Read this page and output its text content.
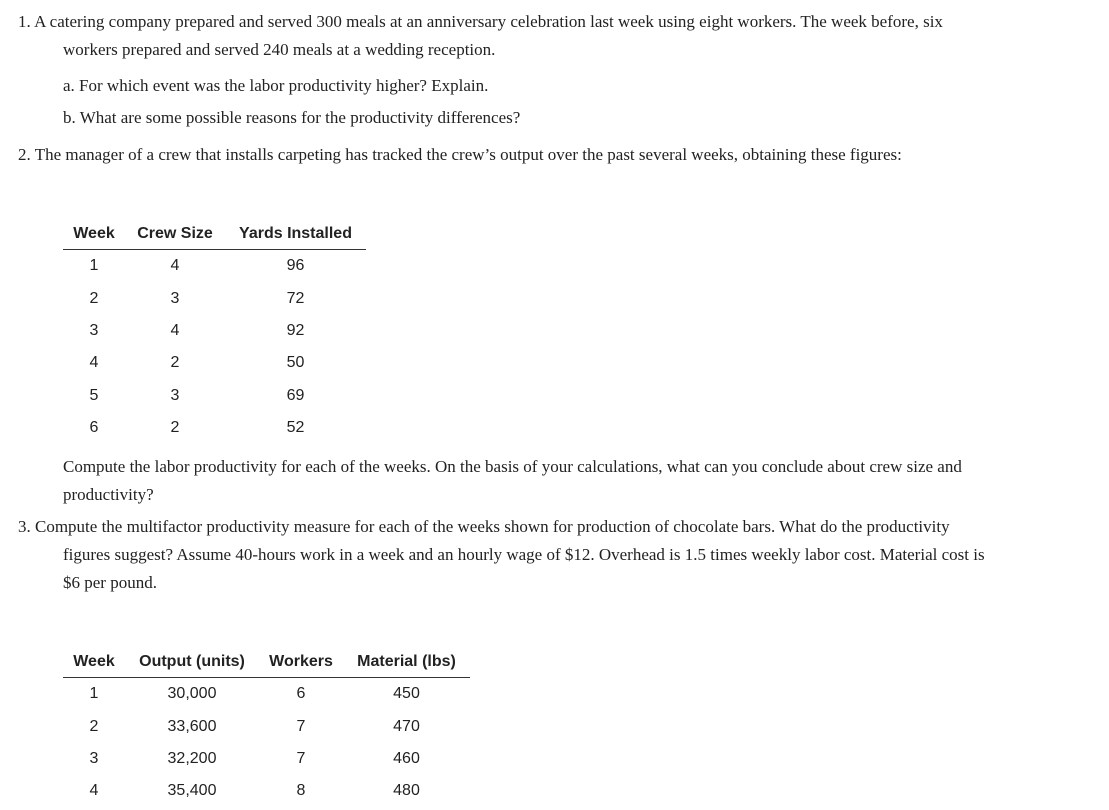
1. A catering company prepared and served 300 meals at an anniversary celebration last week using eight workers. The week before, six
workers prepared and served 240 meals at a wedding reception.
a. For which event was the labor productivity higher? Explain.
b. What are some possible reasons for the productivity differences?
2. The manager of a crew that installs carpeting has tracked the crew’s output over the past several weeks, obtaining these figures:
Week	Crew Size	Yards Installed
1	4	96
2	3	72
3	4	92
4	2	50
5	3	69
6	2	52
Compute the labor productivity for each of the weeks. On the basis of your calculations, what can you conclude about crew size and
productivity?
3. Compute the multifactor productivity measure for each of the weeks shown for production of chocolate bars. What do the productivity
figures suggest? Assume 40-hours work in a week and an hourly wage of $12. Overhead is 1.5 times weekly labor cost. Material cost is
$6 per pound.
Week	Output (units)	Workers	Material (lbs)
1	30,000	6	450
2	33,600	7	470
3	32,200	7	460
4	35,400	8	480
